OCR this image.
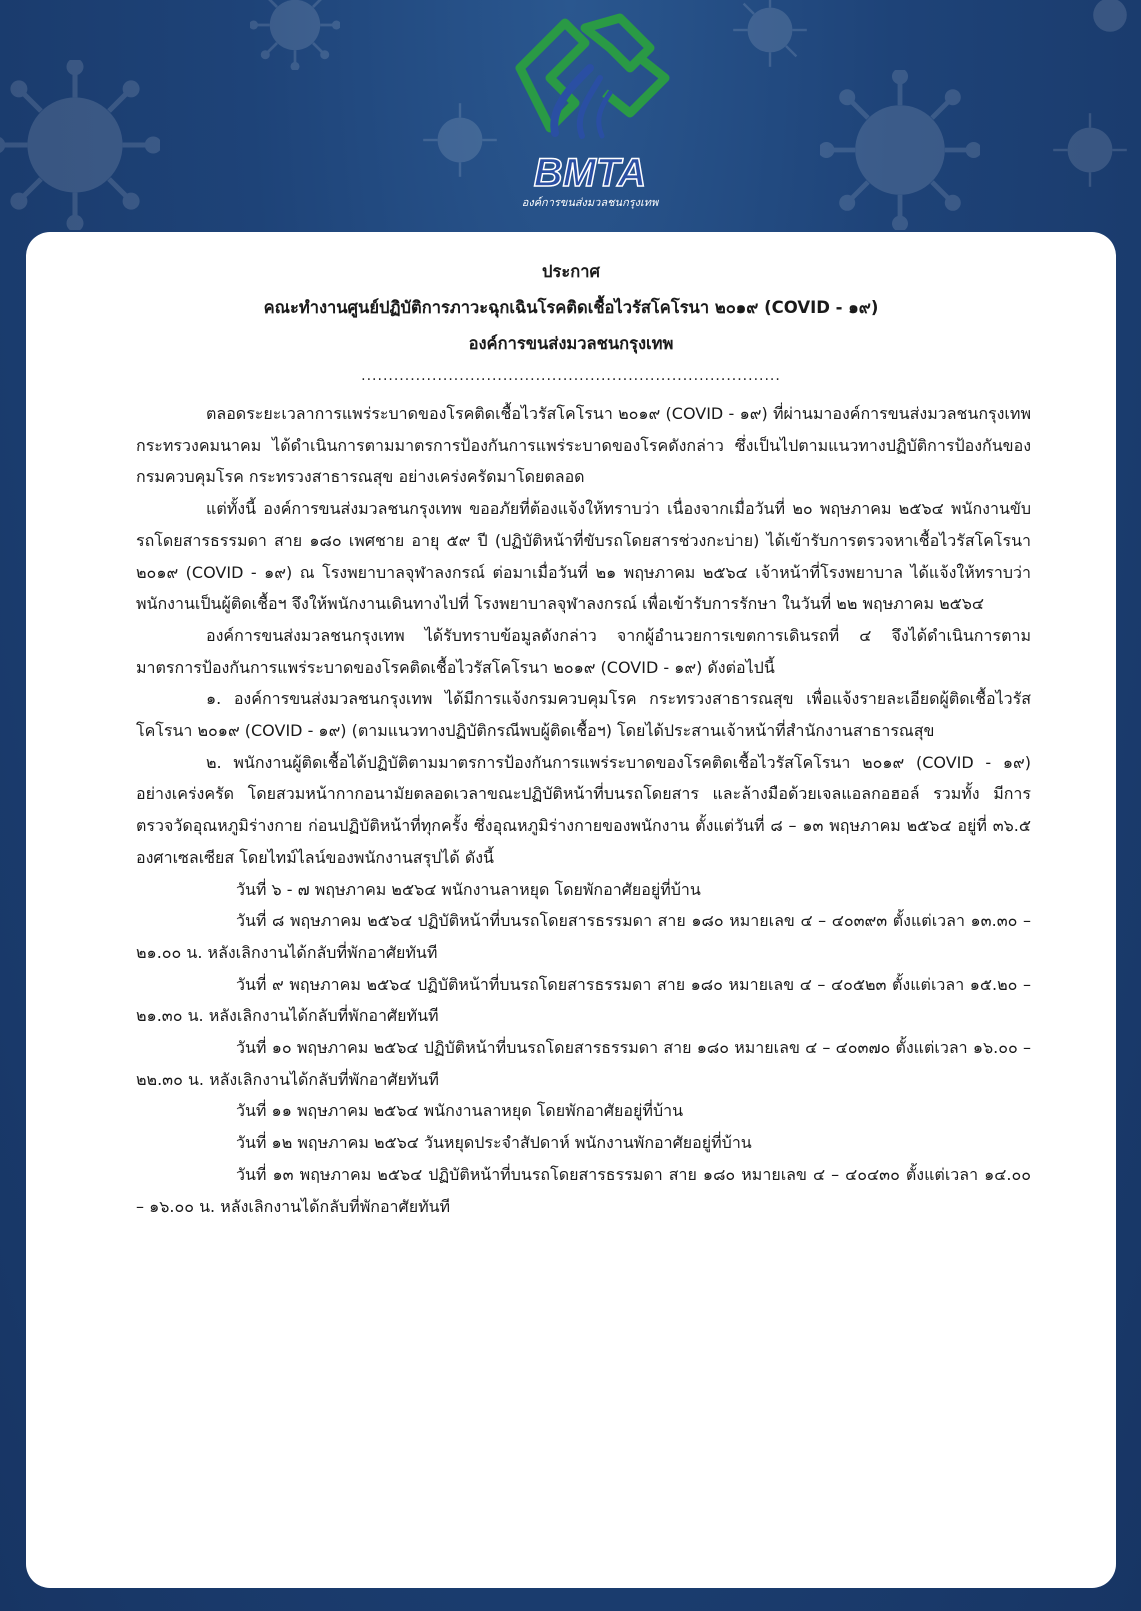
BMTA
องค์การขนส่งมวลชนกรุงเทพ
ประกาศ
คณะทำงานศูนย์ปฏิบัติการภาวะฉุกเฉินโรคติดเชื้อไวรัสโคโรนา ๒๐๑๙ (COVID - ๑๙)
องค์การขนส่งมวลชนกรุงเทพ
.............................................................................

ตลอดระยะเวลาการแพร่ระบาดของโรคติดเชื้อไวรัสโคโรนา ๒๐๑๙ (COVID - ๑๙) ที่ผ่านมาองค์การขนส่งมวลชนกรุงเทพ กระทรวงคมนาคม ได้ดำเนินการตามมาตรการป้องกันการแพร่ระบาดของโรคดังกล่าว ซึ่งเป็นไปตามแนวทางปฏิบัติการป้องกันของกรมควบคุมโรค กระทรวงสาธารณสุข อย่างเคร่งครัดมาโดยตลอด

แต่ทั้งนี้ องค์การขนส่งมวลชนกรุงเทพ ขออภัยที่ต้องแจ้งให้ทราบว่า เนื่องจากเมื่อวันที่ ๒๐ พฤษภาคม ๒๕๖๔ พนักงานขับรถโดยสารธรรมดา สาย ๑๘๐ เพศชาย อายุ ๕๙ ปี (ปฏิบัติหน้าที่ขับรถโดยสารช่วงกะบ่าย) ได้เข้ารับการตรวจหาเชื้อไวรัสโคโรนา ๒๐๑๙ (COVID - ๑๙) ณ โรงพยาบาลจุฬาลงกรณ์ ต่อมาเมื่อวันที่ ๒๑ พฤษภาคม ๒๕๖๔ เจ้าหน้าที่โรงพยาบาล ได้แจ้งให้ทราบว่าพนักงานเป็นผู้ติดเชื้อฯ จึงให้พนักงานเดินทางไปที่ โรงพยาบาลจุฬาลงกรณ์ เพื่อเข้ารับการรักษา ในวันที่ ๒๒ พฤษภาคม ๒๕๖๔

องค์การขนส่งมวลชนกรุงเทพ ได้รับทราบข้อมูลดังกล่าว จากผู้อำนวยการเขตการเดินรถที่ ๔ จึงได้ดำเนินการตามมาตรการป้องกันการแพร่ระบาดของโรคติดเชื้อไวรัสโคโรนา ๒๐๑๙ (COVID - ๑๙) ดังต่อไปนี้

๑. องค์การขนส่งมวลชนกรุงเทพ ได้มีการแจ้งกรมควบคุมโรค กระทรวงสาธารณสุข เพื่อแจ้งรายละเอียดผู้ติดเชื้อไวรัสโคโรนา ๒๐๑๙ (COVID - ๑๙) (ตามแนวทางปฏิบัติกรณีพบผู้ติดเชื้อฯ) โดยได้ประสานเจ้าหน้าที่สำนักงานสาธารณสุข

๒. พนักงานผู้ติดเชื้อได้ปฏิบัติตามมาตรการป้องกันการแพร่ระบาดของโรคติดเชื้อไวรัสโคโรนา ๒๐๑๙ (COVID - ๑๙) อย่างเคร่งครัด โดยสวมหน้ากากอนามัยตลอดเวลาขณะปฏิบัติหน้าที่บนรถโดยสาร และล้างมือด้วยเจลแอลกอฮอล์ รวมทั้ง มีการตรวจวัดอุณหภูมิร่างกาย ก่อนปฏิบัติหน้าที่ทุกครั้ง ซึ่งอุณหภูมิร่างกายของพนักงาน ตั้งแต่วันที่ ๘ – ๑๓ พฤษภาคม ๒๕๖๔ อยู่ที่ ๓๖.๕ องศาเซลเซียส โดยไทม์ไลน์ของพนักงานสรุปได้ ดังนี้

วันที่ ๖ - ๗ พฤษภาคม ๒๕๖๔ พนักงานลาหยุด โดยพักอาศัยอยู่ที่บ้าน

วันที่ ๘ พฤษภาคม ๒๕๖๔ ปฏิบัติหน้าที่บนรถโดยสารธรรมดา สาย ๑๘๐ หมายเลข ๔ – ๔๐๓๙๓ ตั้งแต่เวลา ๑๓.๓๐ – ๒๑.๐๐ น. หลังเลิกงานได้กลับที่พักอาศัยทันที

วันที่ ๙ พฤษภาคม ๒๕๖๔ ปฏิบัติหน้าที่บนรถโดยสารธรรมดา สาย ๑๘๐ หมายเลข ๔ – ๔๐๕๒๓ ตั้งแต่เวลา ๑๕.๒๐ – ๒๑.๓๐ น. หลังเลิกงานได้กลับที่พักอาศัยทันที

วันที่ ๑๐ พฤษภาคม ๒๕๖๔ ปฏิบัติหน้าที่บนรถโดยสารธรรมดา สาย ๑๘๐ หมายเลข ๔ – ๔๐๓๗๐ ตั้งแต่เวลา ๑๖.๐๐ – ๒๒.๓๐ น. หลังเลิกงานได้กลับที่พักอาศัยทันที

วันที่ ๑๑ พฤษภาคม ๒๕๖๔ พนักงานลาหยุด โดยพักอาศัยอยู่ที่บ้าน

วันที่ ๑๒ พฤษภาคม ๒๕๖๔ วันหยุดประจำสัปดาห์ พนักงานพักอาศัยอยู่ที่บ้าน

วันที่ ๑๓ พฤษภาคม ๒๕๖๔ ปฏิบัติหน้าที่บนรถโดยสารธรรมดา สาย ๑๘๐ หมายเลข ๔ – ๔๐๔๓๐ ตั้งแต่เวลา ๑๔.๐๐ – ๑๖.๐๐ น. หลังเลิกงานได้กลับที่พักอาศัยทันที
